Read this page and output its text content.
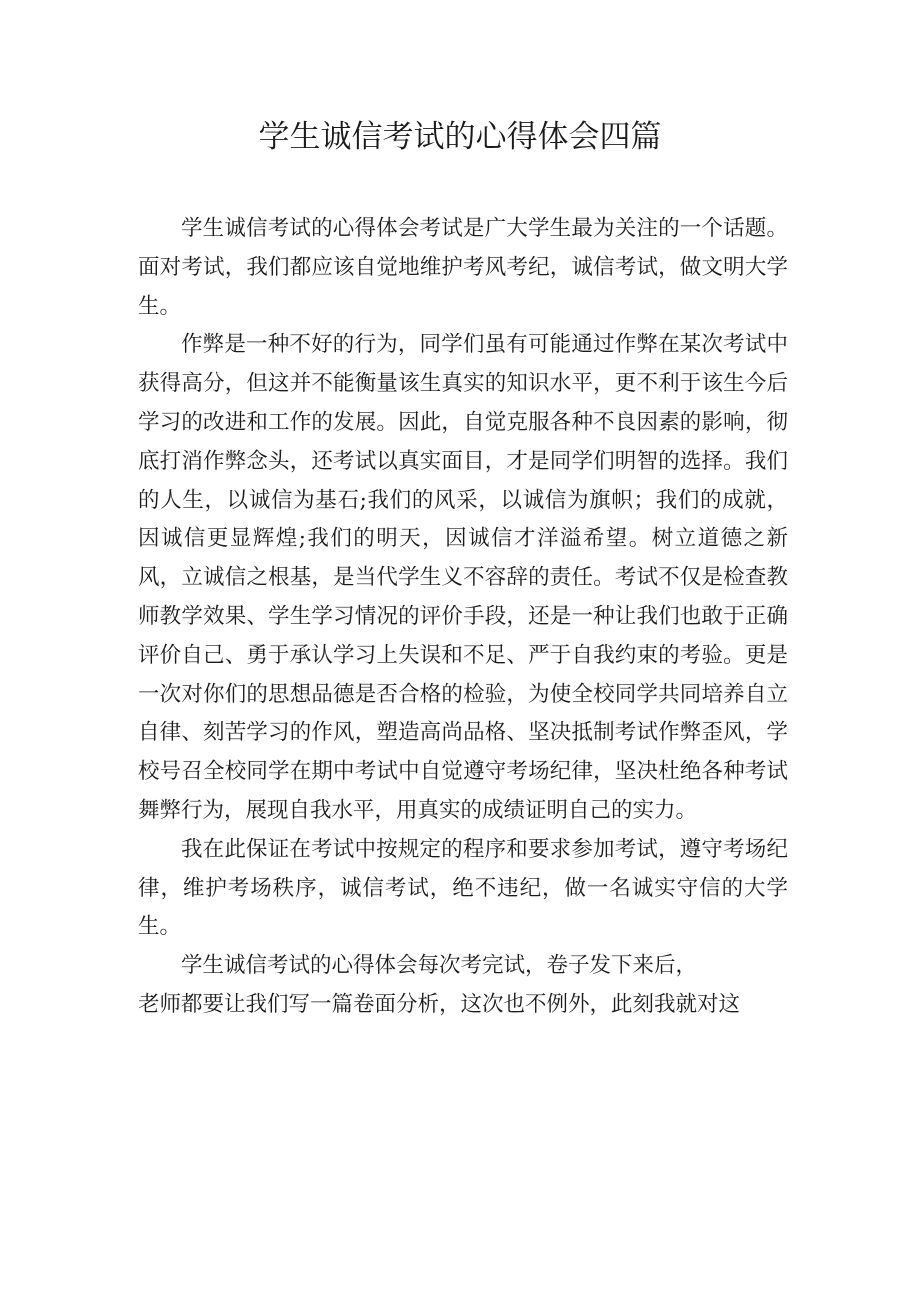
学生诚信考试的心得体会四篇

学生诚信考试的心得体会考试是广大学生最为关注的一个话题。面对考试，我们都应该自觉地维护考风考纪，诚信考试，做文明大学生。

作弊是一种不好的行为，同学们虽有可能通过作弊在某次考试中获得高分，但这并不能衡量该生真实的知识水平，更不利于该生今后学习的改进和工作的发展。因此，自觉克服各种不良因素的影响，彻底打消作弊念头，还考试以真实面目，才是同学们明智的选择。我们的人生，以诚信为基石;我们的风采，以诚信为旗帜；我们的成就，因诚信更显辉煌;我们的明天，因诚信才洋溢希望。树立道德之新风，立诚信之根基，是当代学生义不容辞的责任。考试不仅是检查教师教学效果、学生学习情况的评价手段，还是一种让我们也敢于正确评价自己、勇于承认学习上失误和不足、严于自我约束的考验。更是一次对你们的思想品德是否合格的检验，为使全校同学共同培养自立自律、刻苦学习的作风，塑造高尚品格、坚决抵制考试作弊歪风，学校号召全校同学在期中考试中自觉遵守考场纪律，坚决杜绝各种考试舞弊行为，展现自我水平，用真实的成绩证明自己的实力。

我在此保证在考试中按规定的程序和要求参加考试，遵守考场纪律，维护考场秩序，诚信考试，绝不违纪，做一名诚实守信的大学生。

学生诚信考试的心得体会每次考完试，卷子发下来后，
老师都要让我们写一篇卷面分析，这次也不例外，此刻我就对这
